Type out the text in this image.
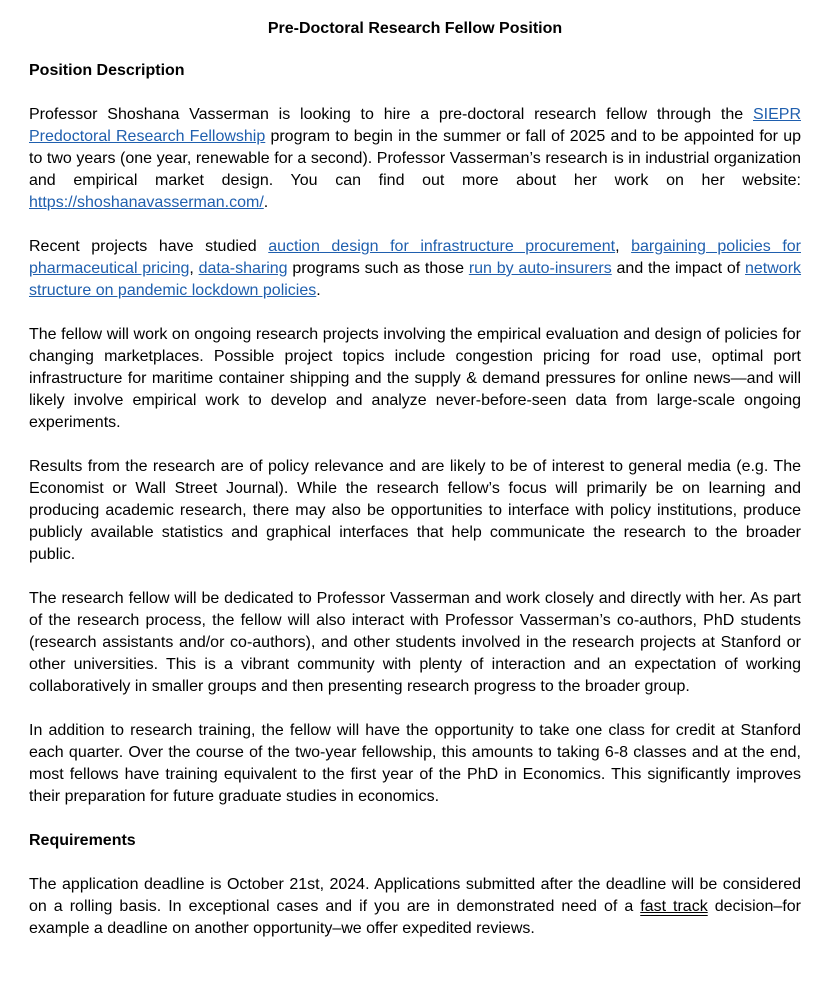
Pre-Doctoral Research Fellow Position
Position Description

Professor Shoshana Vasserman is looking to hire a pre-doctoral research fellow through the SIEPR Predoctoral Research Fellowship program to begin in the summer or fall of 2025 and to be appointed for up to two years (one year, renewable for a second). Professor Vasserman’s research is in industrial organization and empirical market design. You can find out more about her work on her website: https://shoshanavasserman.com/.

Recent projects have studied auction design for infrastructure procurement, bargaining policies for pharmaceutical pricing, data-sharing programs such as those run by auto-insurers and the impact of network structure on pandemic lockdown policies.

The fellow will work on ongoing research projects involving the empirical evaluation and design of policies for changing marketplaces. Possible project topics include congestion pricing for road use, optimal port infrastructure for maritime container shipping and the supply & demand pressures for online news—and will likely involve empirical work to develop and analyze never-before-seen data from large-scale ongoing experiments.

Results from the research are of policy relevance and are likely to be of interest to general media (e.g. The Economist or Wall Street Journal). While the research fellow’s focus will primarily be on learning and producing academic research, there may also be opportunities to interface with policy institutions, produce publicly available statistics and graphical interfaces that help communicate the research to the broader public.

The research fellow will be dedicated to Professor Vasserman and work closely and directly with her. As part of the research process, the fellow will also interact with Professor Vasserman’s co-authors, PhD students (research assistants and/or co-authors), and other students involved in the research projects at Stanford or other universities. This is a vibrant community with plenty of interaction and an expectation of working collaboratively in smaller groups and then presenting research progress to the broader group.

In addition to research training, the fellow will have the opportunity to take one class for credit at Stanford each quarter. Over the course of the two-year fellowship, this amounts to taking 6-8 classes and at the end, most fellows have training equivalent to the first year of the PhD in Economics. This significantly improves their preparation for future graduate studies in economics.

Requirements

The application deadline is October 21st, 2024. Applications submitted after the deadline will be considered on a rolling basis. In exceptional cases and if you are in demonstrated need of a fast track decision–for example a deadline on another opportunity–we offer expedited reviews.
